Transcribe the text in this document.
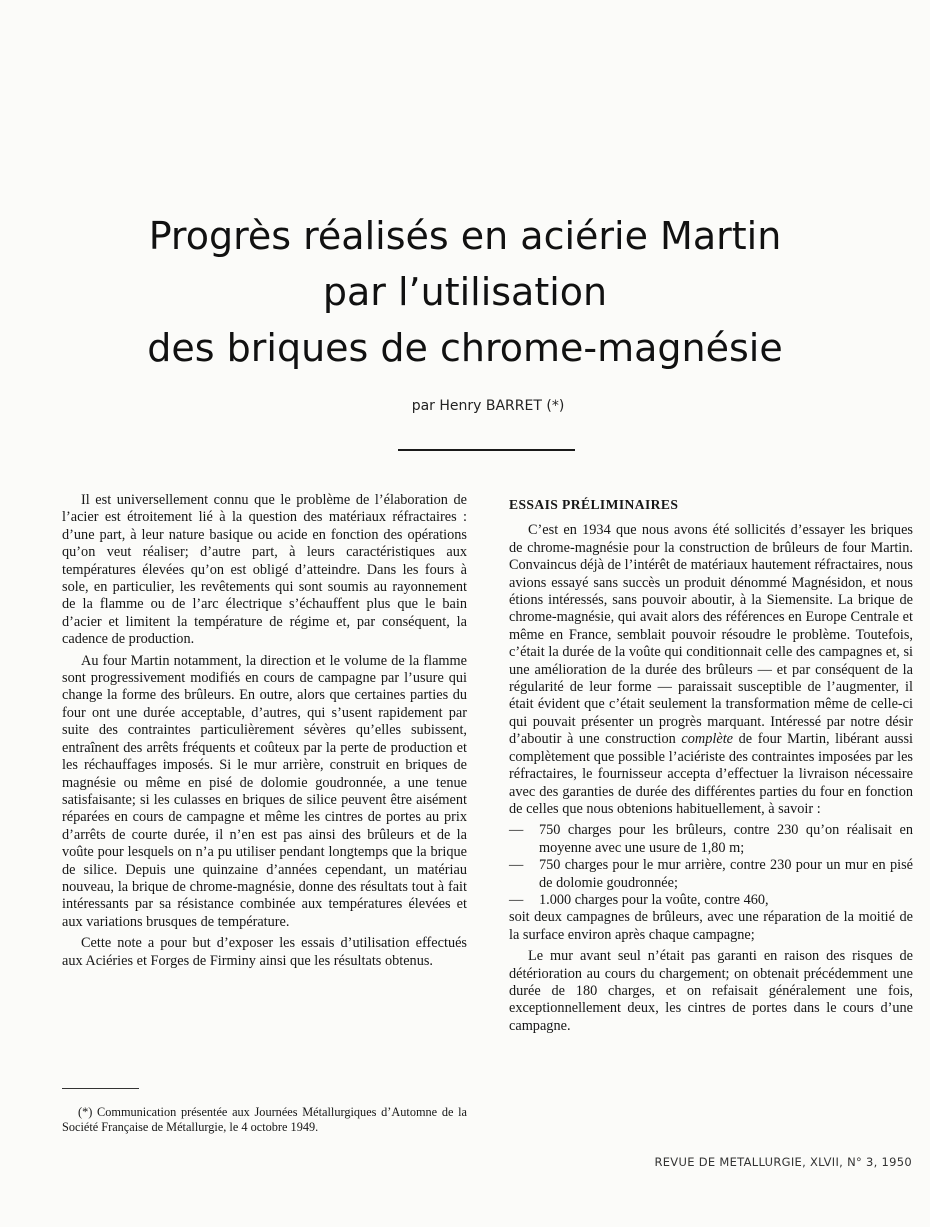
Progrès réalisés en aciérie Martin
par l’utilisation
des briques de chrome-magnésie
par Henry BARRET (*)

Il est universellement connu que le problème de l’élaboration de l’acier est étroitement lié à la question des matériaux réfractaires : d’une part, à leur nature basique ou acide en fonction des opérations qu’on veut réaliser; d’autre part, à leurs caractéristiques aux températures élevées qu’on est obligé d’atteindre. Dans les fours à sole, en particulier, les revêtements qui sont soumis au rayonnement de la flamme ou de l’arc électrique s’échauffent plus que le bain d’acier et limitent la température de régime et, par conséquent, la cadence de production.

Au four Martin notamment, la direction et le volume de la flamme sont progressivement modifiés en cours de campagne par l’usure qui change la forme des brûleurs. En outre, alors que certaines parties du four ont une durée acceptable, d’autres, qui s’usent rapidement par suite des contraintes particulièrement sévères qu’elles subissent, entraînent des arrêts fréquents et coûteux par la perte de production et les réchauffages imposés. Si le mur arrière, construit en briques de magnésie ou même en pisé de dolomie goudronnée, a une tenue satisfaisante; si les culasses en briques de silice peuvent être aisément réparées en cours de campagne et même les cintres de portes au prix d’arrêts de courte durée, il n’en est pas ainsi des brûleurs et de la voûte pour lesquels on n’a pu utiliser pendant longtemps que la brique de silice. Depuis une quinzaine d’années cependant, un matériau nouveau, la brique de chrome-magnésie, donne des résultats tout à fait intéressants par sa résistance combinée aux températures élevées et aux variations brusques de température.

Cette note a pour but d’exposer les essais d’utilisation effectués aux Aciéries et Forges de Firminy ainsi que les résultats obtenus.

(*) Communication présentée aux Journées Métallurgiques d’Automne de la Société Française de Métallurgie, le 4 octobre 1949.

ESSAIS PRÉLIMINAIRES

C’est en 1934 que nous avons été sollicités d’essayer les briques de chrome-magnésie pour la construction de brûleurs de four Martin. Convaincus déjà de l’intérêt de matériaux hautement réfractaires, nous avions essayé sans succès un produit dénommé Magnésidon, et nous étions intéressés, sans pouvoir aboutir, à la Siemensite. La brique de chrome-magnésie, qui avait alors des références en Europe Centrale et même en France, semblait pouvoir résoudre le problème. Toutefois, c’était la durée de la voûte qui conditionnait celle des campagnes et, si une amélioration de la durée des brûleurs — et par conséquent de la régularité de leur forme — paraissait susceptible de l’augmenter, il était évident que c’était seulement la transformation même de celle-ci qui pouvait présenter un progrès marquant. Intéressé par notre désir d’aboutir à une construction complète de four Martin, libérant aussi complètement que possible l’aciériste des contraintes imposées par les réfractaires, le fournisseur accepta d’effectuer la livraison nécessaire avec des garanties de durée des différentes parties du four en fonction de celles que nous obtenions habituellement, à savoir :

— 750 charges pour les brûleurs, contre 230 qu’on réalisait en moyenne avec une usure de 1,80 m;
— 750 charges pour le mur arrière, contre 230 pour un mur en pisé de dolomie goudronnée;
— 1.000 charges pour la voûte, contre 460,

soit deux campagnes de brûleurs, avec une réparation de la moitié de la surface environ après chaque campagne;

Le mur avant seul n’était pas garanti en raison des risques de détérioration au cours du chargement; on obtenait précédemment une durée de 180 charges, et on refaisait généralement une fois, exceptionnellement deux, les cintres de portes dans le cours d’une campagne.

REVUE DE METALLURGIE, XLVII, N° 3, 1950
